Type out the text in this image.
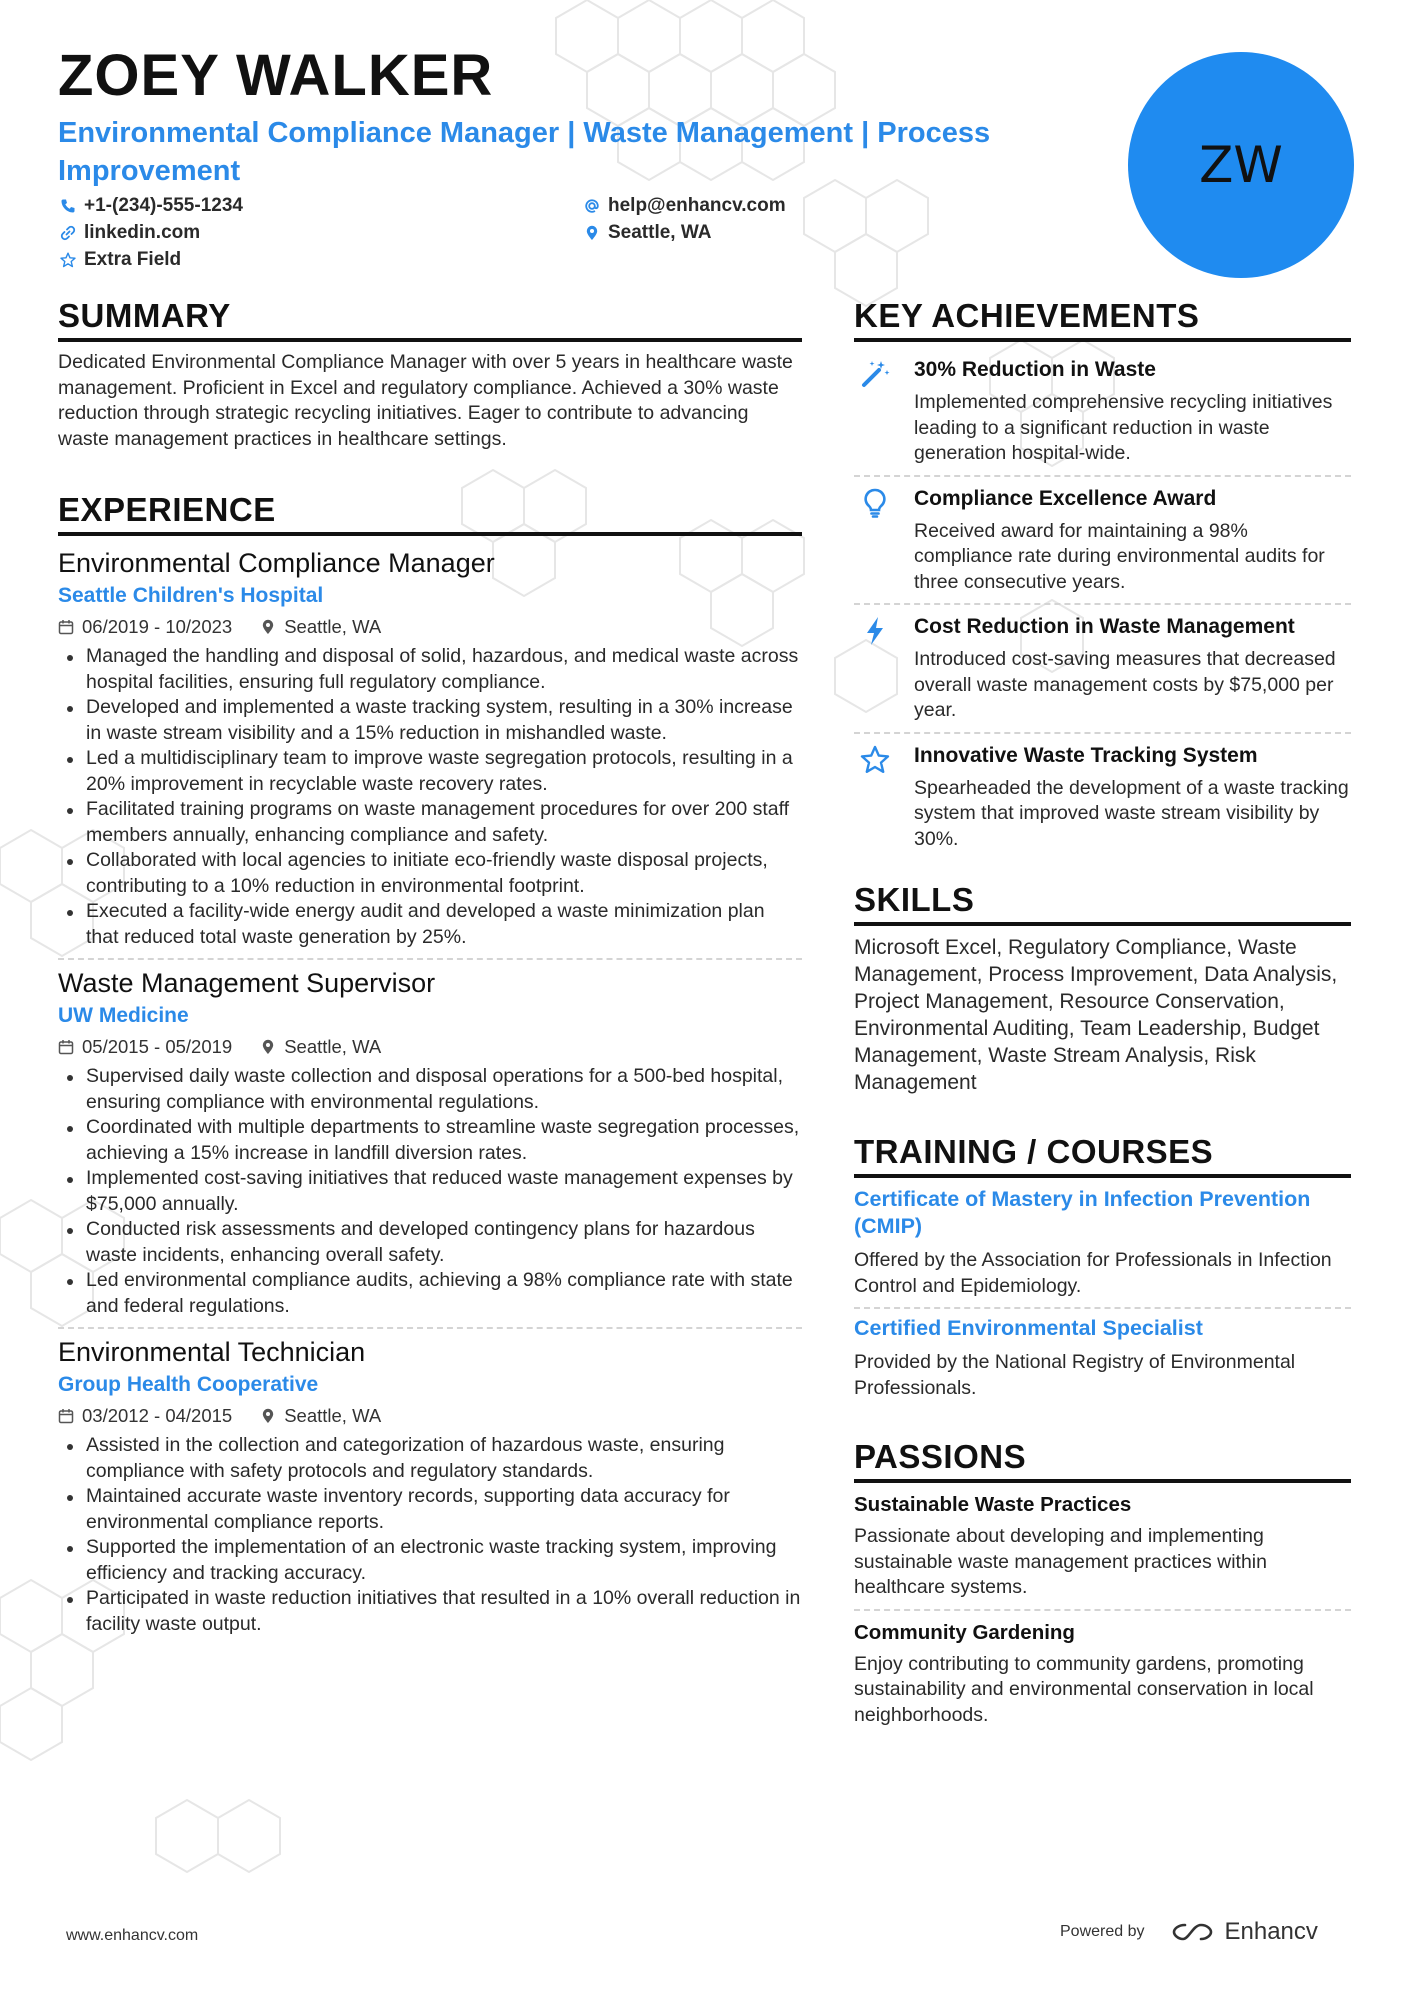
ZOEY WALKER
Environmental Compliance Manager | Waste Management | Process Improvement
+1-(234)-555-1234	help@enhancv.com
linkedin.com	Seattle, WA
Extra Field
ZW
SUMMARY

Dedicated Environmental Compliance Manager with over 5 years in healthcare waste management. Proficient in Excel and regulatory compliance. Achieved a 30% waste reduction through strategic recycling initiatives. Eager to contribute to advancing waste management practices in healthcare settings.

EXPERIENCE
Environmental Compliance Manager
Seattle Children's Hospital
06/2019 - 10/2023	Seattle, WA
Managed the handling and disposal of solid, hazardous, and medical waste across hospital facilities, ensuring full regulatory compliance.
Developed and implemented a waste tracking system, resulting in a 30% increase in waste stream visibility and a 15% reduction in mishandled waste.
Led a multidisciplinary team to improve waste segregation protocols, resulting in a 20% improvement in recyclable waste recovery rates.
Facilitated training programs on waste management procedures for over 200 staff members annually, enhancing compliance and safety.
Collaborated with local agencies to initiate eco-friendly waste disposal projects, contributing to a 10% reduction in environmental footprint.
Executed a facility-wide energy audit and developed a waste minimization plan that reduced total waste generation by 25%.
Waste Management Supervisor
UW Medicine
05/2015 - 05/2019	Seattle, WA
Supervised daily waste collection and disposal operations for a 500-bed hospital, ensuring compliance with environmental regulations.
Coordinated with multiple departments to streamline waste segregation processes, achieving a 15% increase in landfill diversion rates.
Implemented cost-saving initiatives that reduced waste management expenses by $75,000 annually.
Conducted risk assessments and developed contingency plans for hazardous waste incidents, enhancing overall safety.
Led environmental compliance audits, achieving a 98% compliance rate with state and federal regulations.
Environmental Technician
Group Health Cooperative
03/2012 - 04/2015	Seattle, WA
Assisted in the collection and categorization of hazardous waste, ensuring compliance with safety protocols and regulatory standards.
Maintained accurate waste inventory records, supporting data accuracy for environmental compliance reports.
Supported the implementation of an electronic waste tracking system, improving efficiency and tracking accuracy.
Participated in waste reduction initiatives that resulted in a 10% overall reduction in facility waste output.
KEY ACHIEVEMENTS
30% Reduction in Waste
Implemented comprehensive recycling initiatives leading to a significant reduction in waste generation hospital-wide.
Compliance Excellence Award
Received award for maintaining a 98% compliance rate during environmental audits for three consecutive years.
Cost Reduction in Waste Management
Introduced cost-saving measures that decreased overall waste management costs by $75,000 per year.
Innovative Waste Tracking System
Spearheaded the development of a waste tracking system that improved waste stream visibility by 30%.
SKILLS

Microsoft Excel, Regulatory Compliance, Waste Management, Process Improvement, Data Analysis, Project Management, Resource Conservation, Environmental Auditing, Team Leadership, Budget Management, Waste Stream Analysis, Risk Management

TRAINING / COURSES
Certificate of Mastery in Infection Prevention (CMIP)

Offered by the Association for Professionals in Infection Control and Epidemiology.

Certified Environmental Specialist

Provided by the National Registry of Environmental Professionals.

PASSIONS
Sustainable Waste Practices

Passionate about developing and implementing sustainable waste management practices within healthcare systems.

Community Gardening

Enjoy contributing to community gardens, promoting sustainability and environmental conservation in local neighborhoods.

www.enhancv.com	Powered by	Enhancv
